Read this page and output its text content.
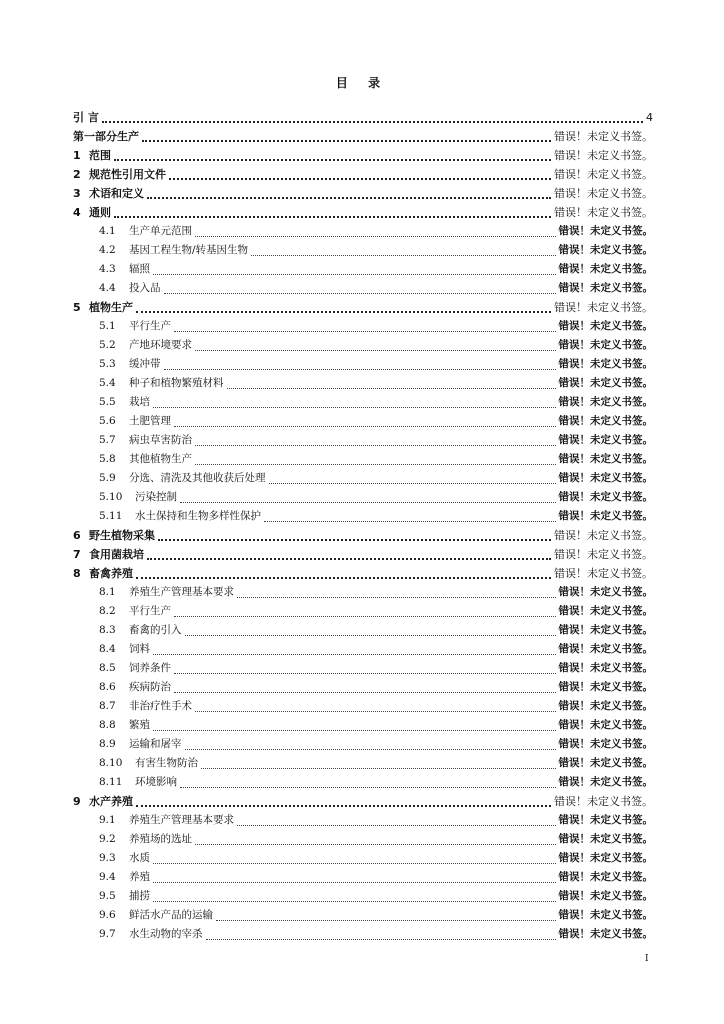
目 录
引 言	4
第一部分 生产	错误！未定义书签。
1 范围	错误！未定义书签。
2 规范性引用文件	错误！未定义书签。
3 术语和定义	错误！未定义书签。
4 通则	错误！未定义书签。
4.1	生产单元范围	错误！未定义书签。
4.2	基因工程生物/转基因生物	错误！未定义书签。
4.3	辐照	错误！未定义书签。
4.4	投入品	错误！未定义书签。
5 植物生产	错误！未定义书签。
5.1	平行生产	错误！未定义书签。
5.2	产地环境要求	错误！未定义书签。
5.3	缓冲带	错误！未定义书签。
5.4	种子和植物繁殖材料	错误！未定义书签。
5.5	栽培	错误！未定义书签。
5.6	土肥管理	错误！未定义书签。
5.7	病虫草害防治	错误！未定义书签。
5.8	其他植物生产	错误！未定义书签。
5.9	分选、清洗及其他收获后处理	错误！未定义书签。
5.10	污染控制	错误！未定义书签。
5.11	水土保持和生物多样性保护	错误！未定义书签。
6 野生植物采集	错误！未定义书签。
7 食用菌栽培	错误！未定义书签。
8 畜禽养殖	错误！未定义书签。
8.1	养殖生产管理基本要求	错误！未定义书签。
8.2	平行生产	错误！未定义书签。
8.3	畜禽的引入	错误！未定义书签。
8.4	饲料	错误！未定义书签。
8.5	饲养条件	错误！未定义书签。
8.6	疾病防治	错误！未定义书签。
8.7	非治疗性手术	错误！未定义书签。
8.8	繁殖	错误！未定义书签。
8.9	运输和屠宰	错误！未定义书签。
8.10	有害生物防治	错误！未定义书签。
8.11	环境影响	错误！未定义书签。
9 水产养殖	错误！未定义书签。
9.1	养殖生产管理基本要求	错误！未定义书签。
9.2	养殖场的选址	错误！未定义书签。
9.3	水质	错误！未定义书签。
9.4	养殖	错误！未定义书签。
9.5	捕捞	错误！未定义书签。
9.6	鲜活水产品的运输	错误！未定义书签。
9.7	水生动物的宰杀	错误！未定义书签。
I
